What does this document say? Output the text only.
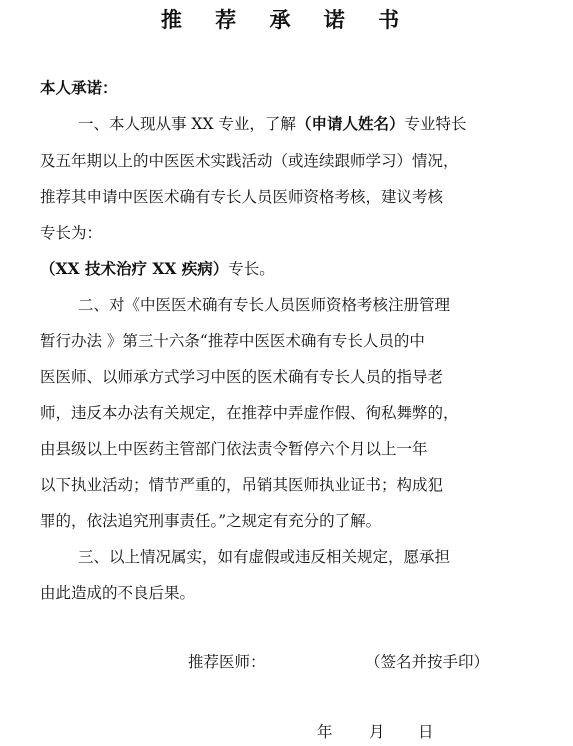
推 荐 承 诺 书
本人承诺：
一、本人现从事 XX 专业，了解（申请人姓名）专业特长
及五年期以上的中医医术实践活动（或连续跟师学习）情况，
推荐其申请中医医术确有专长人员医师资格考核，建议考核
专长为：
（XX 技术治疗 XX 疾病）专长。
二、对《中医医术确有专长人员医师资格考核注册管理
暂行办法 》第三十六条“推荐中医医术确有专长人员的中
医医师、以师承方式学习中医的医术确有专长人员的指导老
师，违反本办法有关规定，在推荐中弄虚作假、徇私舞弊的，
由县级以上中医药主管部门依法责令暂停六个月以上一年
以下执业活动；情节严重的，吊销其医师执业证书；构成犯
罪的，依法追究刑事责任。”之规定有充分的了解。
三、以上情况属实，如有虚假或违反相关规定，愿承担
由此造成的不良后果。
推荐医师：	（签名并按手印）
年 月 日
